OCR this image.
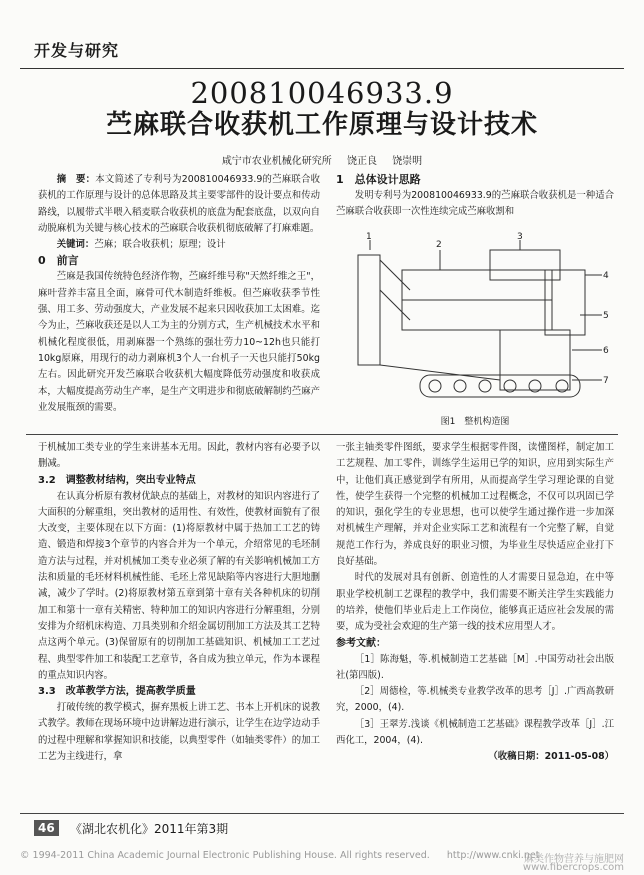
开发与研究
200810046933.9
苎麻联合收获机工作原理与设计技术
咸宁市农业机械化研究所 饶正良 饶崇明

摘　要：本文简述了专利号为200810046933.9的苎麻联合收获机的工作原理与设计的总体思路及其主要零部件的设计要点和传动路线，以履带式半喂入稻麦联合收获机的底盘为配套底盘，以双向自动脱麻机为关键与核心技术的苎麻联合收获机彻底破解了打麻难题。

关键词：苎麻；联合收获机；原理；设计

0　前言

苎麻是我国传统特色经济作物，苎麻纤维号称"天然纤维之王"，麻叶营养丰富且全面，麻骨可代木制造纤维板。但苎麻收获季节性强、用工多、劳动强度大，产业发展不起来只因收获加工太困难。迄今为止，苎麻收获还是以人工为主的分别方式，生产机械技术水平和机械化程度很低，用剥麻器一个熟练的强壮劳力10~12h也只能打10kg原麻，用现行的动力剥麻机3个人一台机子一天也只能打50kg左右。因此研究开发苎麻联合收获机大幅度降低劳动强度和收获成本，大幅度提高劳动生产率，是生产文明进步和彻底破解制约苎麻产业发展瓶颈的需要。

1　总体设计思路

发明专利号为200810046933.9的苎麻联合收获机是一种适合苎麻联合收获即一次性连续完成苎麻收割和

1
2
3
4
5
6
7
图1　整机构造图

于机械加工类专业的学生来讲基本无用。因此，教材内容有必要予以删减。

3.2　调整教材结构，突出专业特点

在认真分析原有教材优缺点的基础上，对教材的知识内容进行了大面积的分解重组，突出教材的适用性、有效性，使教材面貌有了很大改变，主要体现在以下方面：(1)将原教材中属于热加工工艺的铸造、锻造和焊接3个章节的内容合并为一个单元，介绍常见的毛坯制造方法与过程，并对机械加工类专业必须了解的有关影响机械加工方法和质量的毛坯材料机械性能、毛坯上常见缺陷等内容进行大胆地删减，减少了学时。(2)将原教材第五章到第十章有关各种机床的切削加工和第十一章有关精密、特种加工的知识内容进行分解重组，分别安排为介绍机床构造、刀具类别和介绍金属切削加工方法及其工艺特点这两个单元。(3)保留原有的切削加工基础知识、机械加工工艺过程、典型零件加工和装配工艺章节，各自成为独立单元，作为本课程的重点知识内容。

3.3　改革教学方法，提高教学质量

打破传统的教学模式，摒弃黑板上讲工艺、书本上开机床的说教式教学。教师在现场环境中边讲解边进行演示，让学生在边学边动手的过程中理解和掌握知识和技能，以典型零件（如轴类零件）的加工工艺为主线进行，拿

一张主轴类零件图纸，要求学生根据零件图，读懂图样，制定加工工艺规程、加工零件，训练学生运用已学的知识，应用到实际生产中，让他们真正感觉到学有所用，从而提高学生学习理论课的自觉性，使学生获得一个完整的机械加工过程概念，不仅可以巩固已学的知识，强化学生的专业思想，也可以使学生通过操作进一步加深对机械生产理解，并对企业实际工艺和流程有一个完整了解，自觉规范工作行为，养成良好的职业习惯，为毕业生尽快适应企业打下良好基础。

时代的发展对具有创新、创造性的人才需要日显急迫，在中等职业学校机制工艺课程的教学中，我们需要不断关注学生实践能力的培养，使他们毕业后走上工作岗位，能够真正适应社会发展的需要，成为受社会欢迎的生产第一线的技术应用型人才。

参考文献：

［1］陈海魁，等.机械制造工艺基础［M］.中国劳动社会出版社(第四版).

［2］周德检，等.机械类专业教学改革的思考［J］.广西高教研究，2000，(4).

［3］王翠芳.浅谈《机械制造工艺基础》课程教学改革［J］.江西化工，2004，(4).

（收稿日期：2011-05-08）
46	《湖北农机化》2011年第3期
© 1994-2011 China Academic Journal Electronic Publishing House. All rights reserved. http://www.cnki.net
麻类作物营养与施肥网
www.fibercrops.com
